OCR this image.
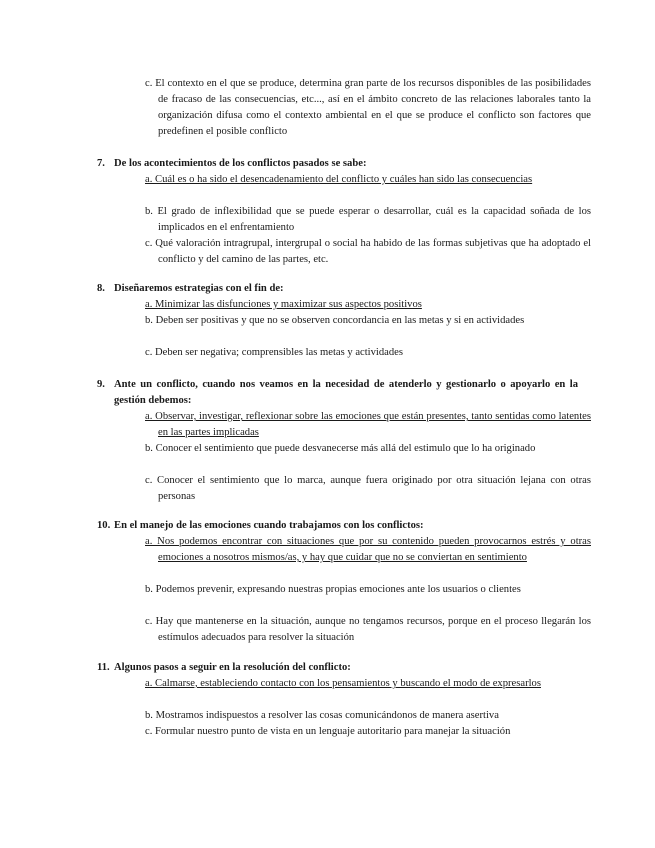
c. El contexto en el que se produce, determina gran parte de los recursos disponibles de las posibilidades de fracaso de las consecuencias, etc..., así en el ámbito concreto de las relaciones laborales tanto la organización difusa como el contexto ambiental en el que se produce el conflicto son factores que predefinen el posible conflicto
7. De los acontecimientos de los conflictos pasados se sabe:
a. Cuál es o ha sido el desencadenamiento del conflicto y cuáles han sido las consecuencias
b. El grado de inflexibilidad que se puede esperar o desarrollar, cuál es la capacidad soñada de los implicados en el enfrentamiento
c. Qué valoración intragrupal, intergrupal o social ha habido de las formas subjetivas que ha adoptado el conflicto y del camino de las partes, etc.
8. Diseñaremos estrategias con el fin de:
a. Minimizar las disfunciones y maximizar sus aspectos positivos
b. Deben ser positivas y que no se observen concordancia en las metas y si en actividades
c. Deben ser negativa; comprensibles las metas y actividades
9. Ante un conflicto, cuando nos veamos en la necesidad de atenderlo y gestionarlo o apoyarlo en la gestión debemos:
a. Observar, investigar, reflexionar sobre las emociones que están presentes, tanto sentidas como latentes en las partes implicadas
b. Conocer el sentimiento que puede desvanecerse más allá del estimulo que lo ha originado
c. Conocer el sentimiento que lo marca, aunque fuera originado por otra situación lejana con otras personas
10. En el manejo de las emociones cuando trabajamos con los conflictos:
a. Nos podemos encontrar con situaciones que por su contenido pueden provocarnos estrés y otras emociones a nosotros mismos/as, y hay que cuidar que no se conviertan en sentimiento
b. Podemos prevenir, expresando nuestras propias emociones ante los usuarios o clientes
c. Hay que mantenerse en la situación, aunque no tengamos recursos, porque en el proceso llegarán los estímulos adecuados para resolver la situación
11. Algunos pasos a seguir en la resolución del conflicto:
a. Calmarse, estableciendo contacto con los pensamientos y buscando el modo de expresarlos
b. Mostramos indispuestos a resolver las cosas comunicándonos de manera asertiva
c. Formular nuestro punto de vista en un lenguaje autoritario para manejar la situación
